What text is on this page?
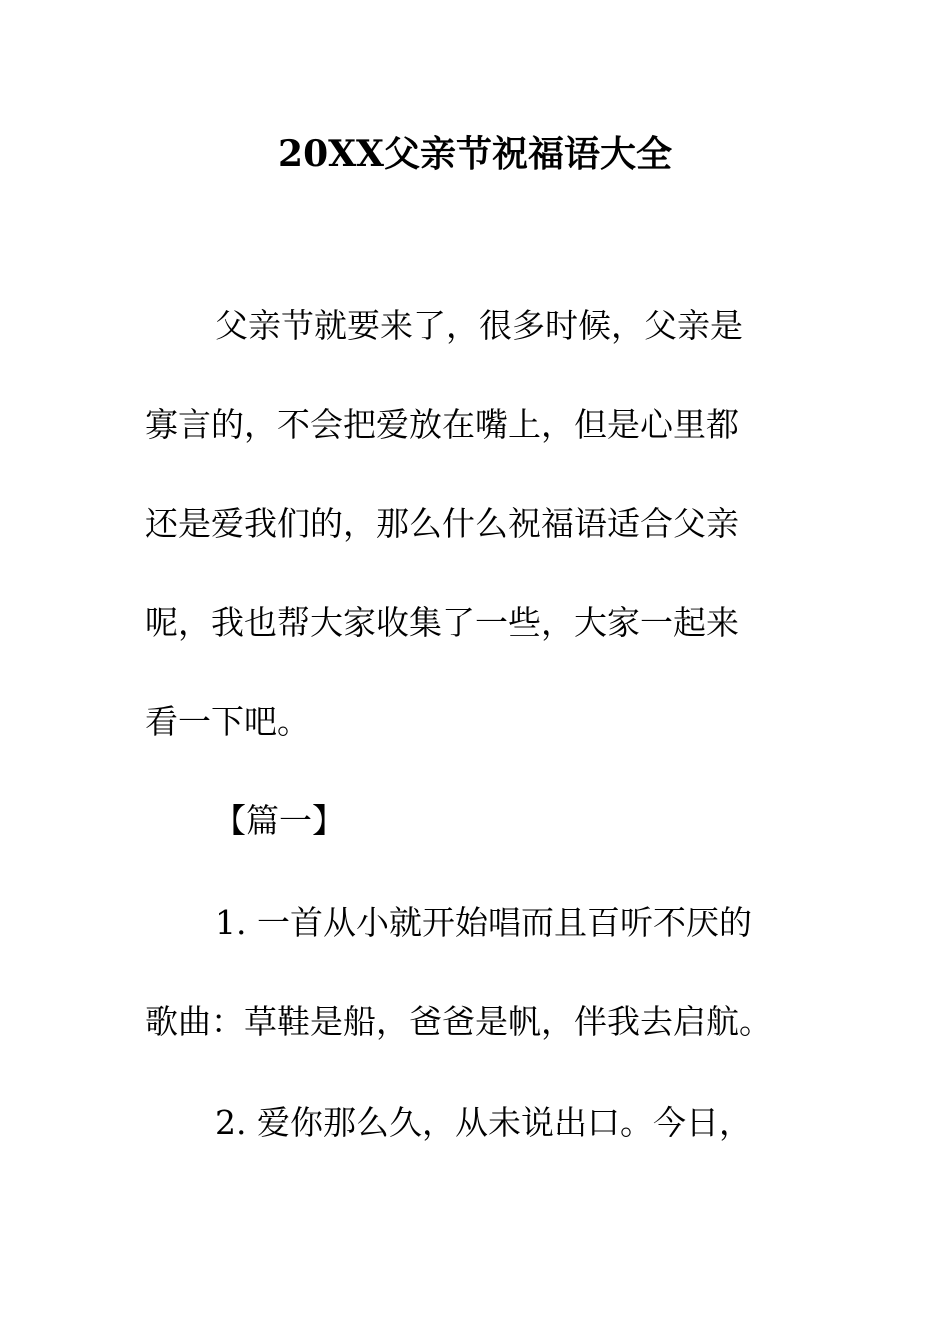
20XX父亲节祝福语大全
父亲节就要来了，很多时候，父亲是
寡言的，不会把爱放在嘴上，但是心里都
还是爱我们的，那么什么祝福语适合父亲
呢，我也帮大家收集了一些，大家一起来
看一下吧。
【篇一】
1. 一首从小就开始唱而且百听不厌的
歌曲：草鞋是船，爸爸是帆，伴我去启航。
2. 爱你那么久，从未说出口。今日，
